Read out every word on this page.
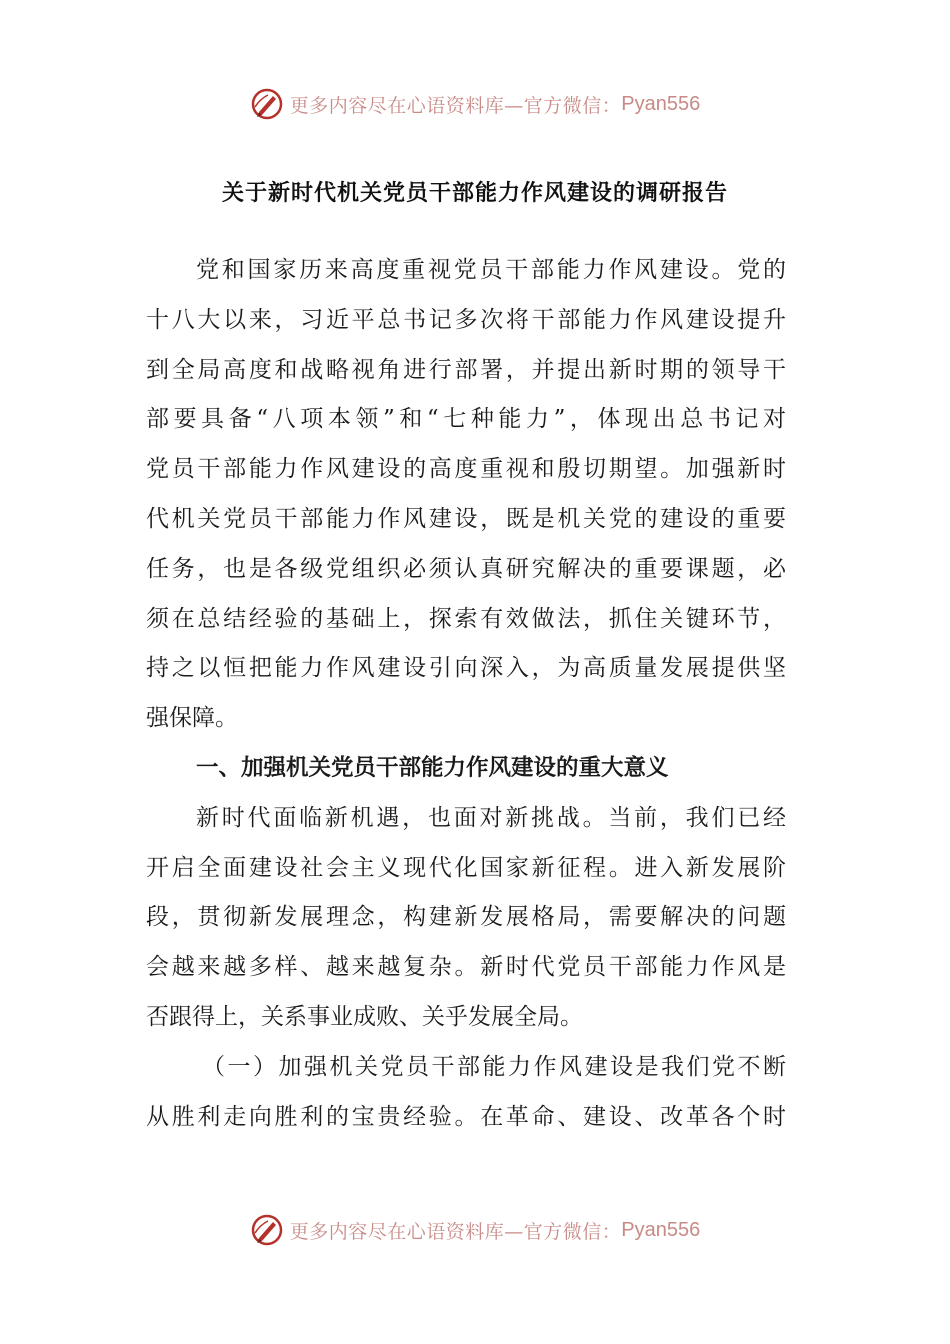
更多内容尽在心语资料库—官方微信： Pyan556
关于新时代机关党员干部能力作风建设的调研报告
党和国家历来高度重视党员干部能力作风建设。党的
十八大以来，习近平总书记多次将干部能力作风建设提升
到全局高度和战略视角进行部署，并提出新时期的领导干
部要具备“八项本领”和“七种能力”，体现出总书记对
党员干部能力作风建设的高度重视和殷切期望。加强新时
代机关党员干部能力作风建设，既是机关党的建设的重要
任务，也是各级党组织必须认真研究解决的重要课题，必
须在总结经验的基础上，探索有效做法，抓住关键环节，
持之以恒把能力作风建设引向深入，为高质量发展提供坚
强保障。
一、加强机关党员干部能力作风建设的重大意义
新时代面临新机遇，也面对新挑战。当前，我们已经
开启全面建设社会主义现代化国家新征程。进入新发展阶
段，贯彻新发展理念，构建新发展格局，需要解决的问题
会越来越多样、越来越复杂。新时代党员干部能力作风是
否跟得上，关系事业成败、关乎发展全局。
（一）加强机关党员干部能力作风建设是我们党不断
从胜利走向胜利的宝贵经验。在革命、建设、改革各个时
更多内容尽在心语资料库—官方微信： Pyan556
